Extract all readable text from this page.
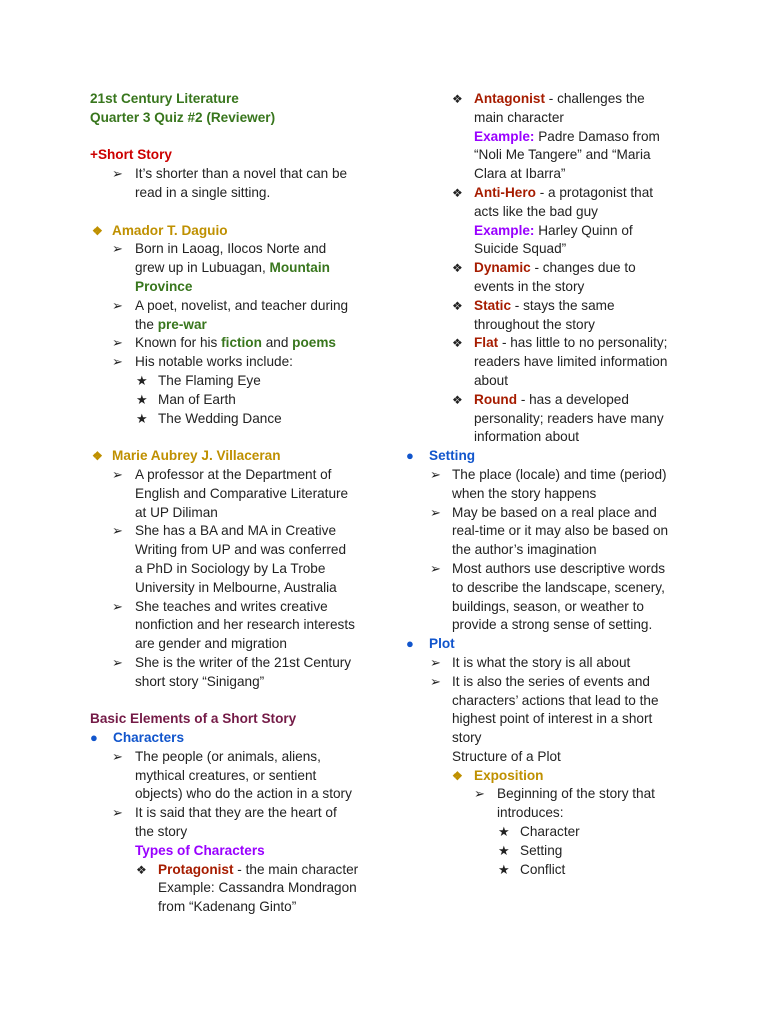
21st Century Literature
Quarter 3 Quiz #2 (Reviewer)
+Short Story
➢ It’s shorter than a novel that can be
read in a single sitting.
❖ Amador T. Daguio
➢ Born in Laoag, Ilocos Norte and
grew up in Lubuagan, Mountain
Province
➢ A poet, novelist, and teacher during
the pre-war
➢ Known for his fiction and poems
➢ His notable works include:
★ The Flaming Eye
★ Man of Earth
★ The Wedding Dance
❖ Marie Aubrey J. Villaceran
➢ A professor at the Department of
English and Comparative Literature
at UP Diliman
➢ She has a BA and MA in Creative
Writing from UP and was conferred
a PhD in Sociology by La Trobe
University in Melbourne, Australia
➢ She teaches and writes creative
nonfiction and her research interests
are gender and migration
➢ She is the writer of the 21st Century
short story “Sinigang”
Basic Elements of a Short Story
● Characters
➢ The people (or animals, aliens,
mythical creatures, or sentient
objects) who do the action in a story
➢ It is said that they are the heart of
the story
Types of Characters
❖ Protagonist - the main character
Example: Cassandra Mondragon
from “Kadenang Ginto”
❖ Antagonist - challenges the
main character
Example: Padre Damaso from
“Noli Me Tangere” and “Maria
Clara at Ibarra”
❖ Anti-Hero - a protagonist that
acts like the bad guy
Example: Harley Quinn of
Suicide Squad”
❖ Dynamic - changes due to
events in the story
❖ Static - stays the same
throughout the story
❖ Flat - has little to no personality;
readers have limited information
about
❖ Round - has a developed
personality; readers have many
information about
● Setting
➢ The place (locale) and time (period)
when the story happens
➢ May be based on a real place and
real-time or it may also be based on
the author’s imagination
➢ Most authors use descriptive words
to describe the landscape, scenery,
buildings, season, or weather to
provide a strong sense of setting.
● Plot
➢ It is what the story is all about
➢ It is also the series of events and
characters’ actions that lead to the
highest point of interest in a short
story
Structure of a Plot
❖ Exposition
➢ Beginning of the story that
introduces:
★ Character
★ Setting
★ Conflict
